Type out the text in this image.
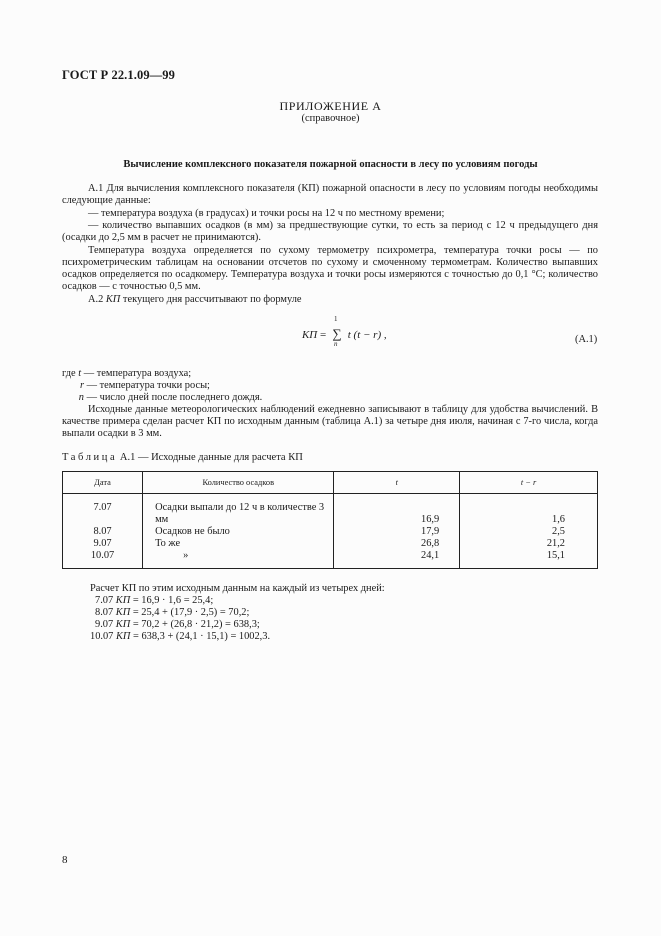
ГОСТ Р 22.1.09—99
ПРИЛОЖЕНИЕ А
(справочное)
Вычисление комплексного показателя пожарной опасности в лесу по условиям погоды
А.1 Для вычисления комплексного показателя (КП) пожарной опасности в лесу по условиям погоды необходимы следующие данные:
— температура воздуха (в градусах) и точки росы на 12 ч по местному времени;
— количество выпавших осадков (в мм) за предшествующие сутки, то есть за период с 12 ч предыдущего дня (осадки до 2,5 мм в расчет не принимаются).
Температура воздуха определяется по сухому термометру психрометра, температура точки росы — по психрометрическим таблицам на основании отсчетов по сухому и смоченному термометрам. Количество выпавших осадков определяется по осадкомеру. Температура воздуха и точки росы измеряются с точностью до 0,1 °С; количество осадков — с точностью 0,5 мм.
А.2 КП текущего дня рассчитывают по формуле
КП =
1
∑
n
t (t − r) ,	(А.1)
где t — температура воздуха;
r — температура точки росы;
n — число дней после последнего дождя.
Исходные данные метеорологических наблюдений ежедневно записывают в таблицу для удобства вычислений. В качестве примера сделан расчет КП по исходным данным (таблица А.1) за четыре дня июля, начиная с 7-го числа, когда выпали осадки в 3 мм.
Таблица А.1 — Исходные данные для расчета КП
Дата	Количество осадков	t	t − r
7.07	Осадки выпали до 12 ч в количестве 3 мм	16,9	1,6
8.07	Осадков не было	17,9	2,5
9.07	То же	26,8	21,2
10.07	»	24,1	15,1
Расчет КП по этим исходным данным на каждый из четырех дней:
7.07 КП = 16,9 · 1,6 = 25,4;
8.07 КП = 25,4 + (17,9 · 2,5) = 70,2;
9.07 КП = 70,2 + (26,8 · 21,2) = 638,3;
10.07 КП = 638,3 + (24,1 · 15,1) = 1002,3.
8
